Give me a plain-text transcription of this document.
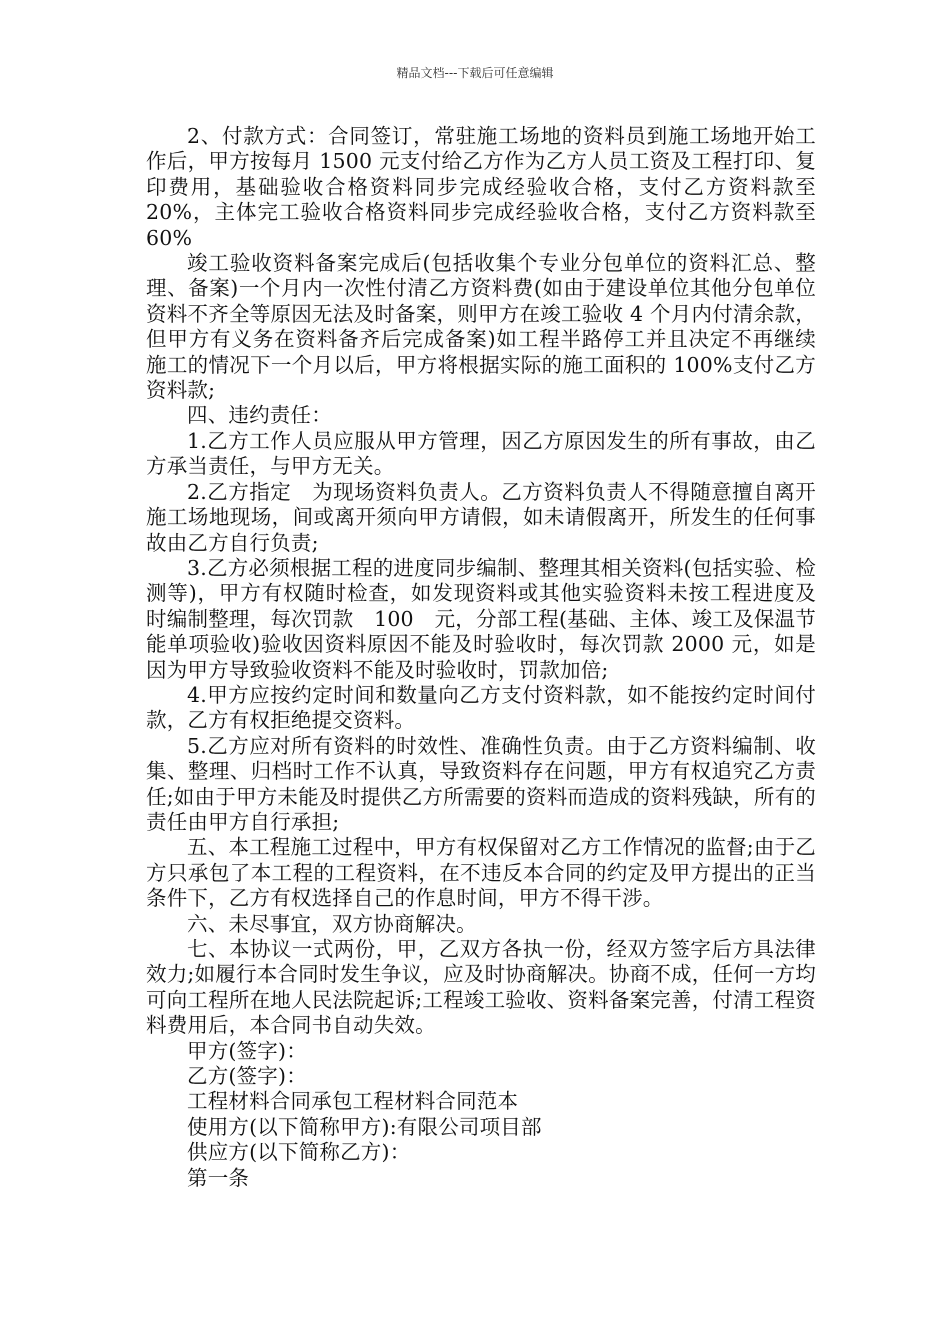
精品文档---下载后可任意编辑

2、付款方式：合同签订，常驻施工场地的资料员到施工场地开始工作后，甲方按每月 1500 元支付给乙方作为乙方人员工资及工程打印、复印费用，基础验收合格资料同步完成经验收合格，支付乙方资料款至 20%，主体完工验收合格资料同步完成经验收合格，支付乙方资料款至 60%

竣工验收资料备案完成后(包括收集个专业分包单位的资料汇总、整理、备案)一个月内一次性付清乙方资料费(如由于建设单位其他分包单位资料不齐全等原因无法及时备案，则甲方在竣工验收 4 个月内付清余款，但甲方有义务在资料备齐后完成备案)如工程半路停工并且决定不再继续施工的情况下一个月以后，甲方将根据实际的施工面积的 100%支付乙方资料款;

四、违约责任：

1.乙方工作人员应服从甲方管理，因乙方原因发生的所有事故，由乙方承当责任，与甲方无关。

2.乙方指定　为现场资料负责人。乙方资料负责人不得随意擅自离开施工场地现场，间或离开须向甲方请假，如未请假离开，所发生的任何事故由乙方自行负责;

3.乙方必须根据工程的进度同步编制、整理其相关资料(包括实验、检测等)，甲方有权随时检查，如发现资料或其他实验资料未按工程进度及时编制整理，每次罚款　100　元，分部工程(基础、主体、竣工及保温节能单项验收)验收因资料原因不能及时验收时，每次罚款 2000 元，如是因为甲方导致验收资料不能及时验收时，罚款加倍;

4.甲方应按约定时间和数量向乙方支付资料款，如不能按约定时间付款，乙方有权拒绝提交资料。

5.乙方应对所有资料的时效性、准确性负责。由于乙方资料编制、收集、整理、归档时工作不认真，导致资料存在问题，甲方有权追究乙方责任;如由于甲方未能及时提供乙方所需要的资料而造成的资料残缺，所有的责任由甲方自行承担;

五、本工程施工过程中，甲方有权保留对乙方工作情况的监督;由于乙方只承包了本工程的工程资料，在不违反本合同的约定及甲方提出的正当条件下，乙方有权选择自己的作息时间，甲方不得干涉。

六、未尽事宜，双方协商解决。

七、本协议一式两份，甲，乙双方各执一份，经双方签字后方具法律效力;如履行本合同时发生争议，应及时协商解决。协商不成，任何一方均可向工程所在地人民法院起诉;工程竣工验收、资料备案完善，付清工程资料费用后，本合同书自动失效。

甲方(签字)：

乙方(签字)：

工程材料合同承包工程材料合同范本

使用方(以下简称甲方):有限公司项目部

供应方(以下简称乙方)：

第一条
